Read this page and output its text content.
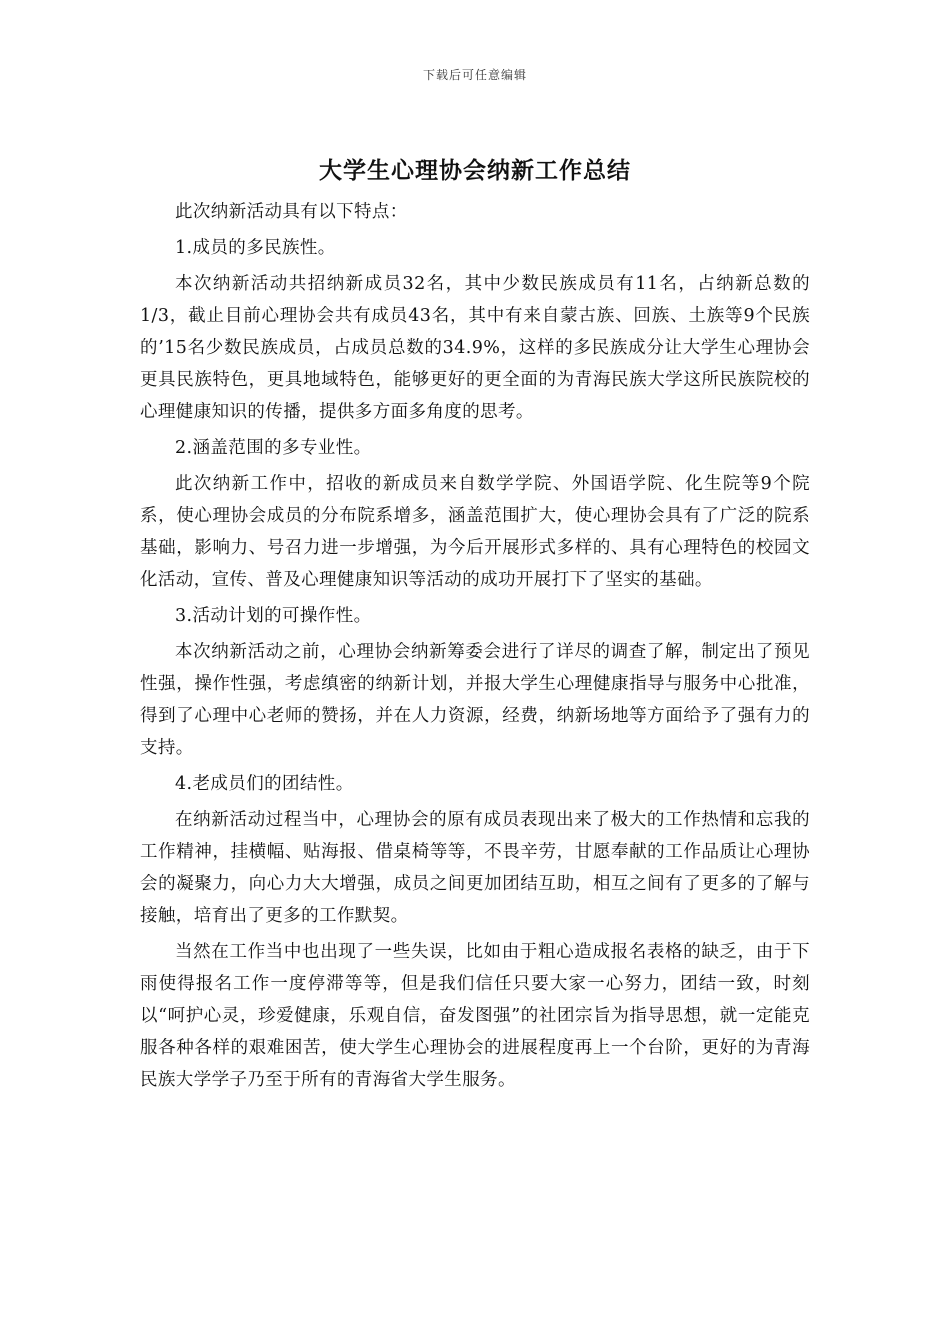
下载后可任意编辑
大学生心理协会纳新工作总结

此次纳新活动具有以下特点：

1.成员的多民族性。

本次纳新活动共招纳新成员32名，其中少数民族成员有11名，占纳新总数的1/3，截止目前心理协会共有成员43名，其中有来自蒙古族、回族、土族等9个民族的’15名少数民族成员，占成员总数的34.9%，这样的多民族成分让大学生心理协会更具民族特色，更具地域特色，能够更好的更全面的为青海民族大学这所民族院校的心理健康知识的传播，提供多方面多角度的思考。

2.涵盖范围的多专业性。

此次纳新工作中，招收的新成员来自数学学院、外国语学院、化生院等9个院系，使心理协会成员的分布院系增多，涵盖范围扩大，使心理协会具有了广泛的院系基础，影响力、号召力进一步增强，为今后开展形式多样的、具有心理特色的校园文化活动，宣传、普及心理健康知识等活动的成功开展打下了坚实的基础。

3.活动计划的可操作性。

本次纳新活动之前，心理协会纳新筹委会进行了详尽的调查了解，制定出了预见性强，操作性强，考虑缜密的纳新计划，并报大学生心理健康指导与服务中心批准，得到了心理中心老师的赞扬，并在人力资源，经费，纳新场地等方面给予了强有力的支持。

4.老成员们的团结性。

在纳新活动过程当中，心理协会的原有成员表现出来了极大的工作热情和忘我的工作精神，挂横幅、贴海报、借桌椅等等，不畏辛劳，甘愿奉献的工作品质让心理协会的凝聚力，向心力大大增强，成员之间更加团结互助，相互之间有了更多的了解与接触，培育出了更多的工作默契。

当然在工作当中也出现了一些失误，比如由于粗心造成报名表格的缺乏，由于下雨使得报名工作一度停滞等等，但是我们信任只要大家一心努力，团结一致，时刻以“呵护心灵，珍爱健康，乐观自信，奋发图强”的社团宗旨为指导思想，就一定能克服各种各样的艰难困苦，使大学生心理协会的进展程度再上一个台阶，更好的为青海民族大学学子乃至于所有的青海省大学生服务。
